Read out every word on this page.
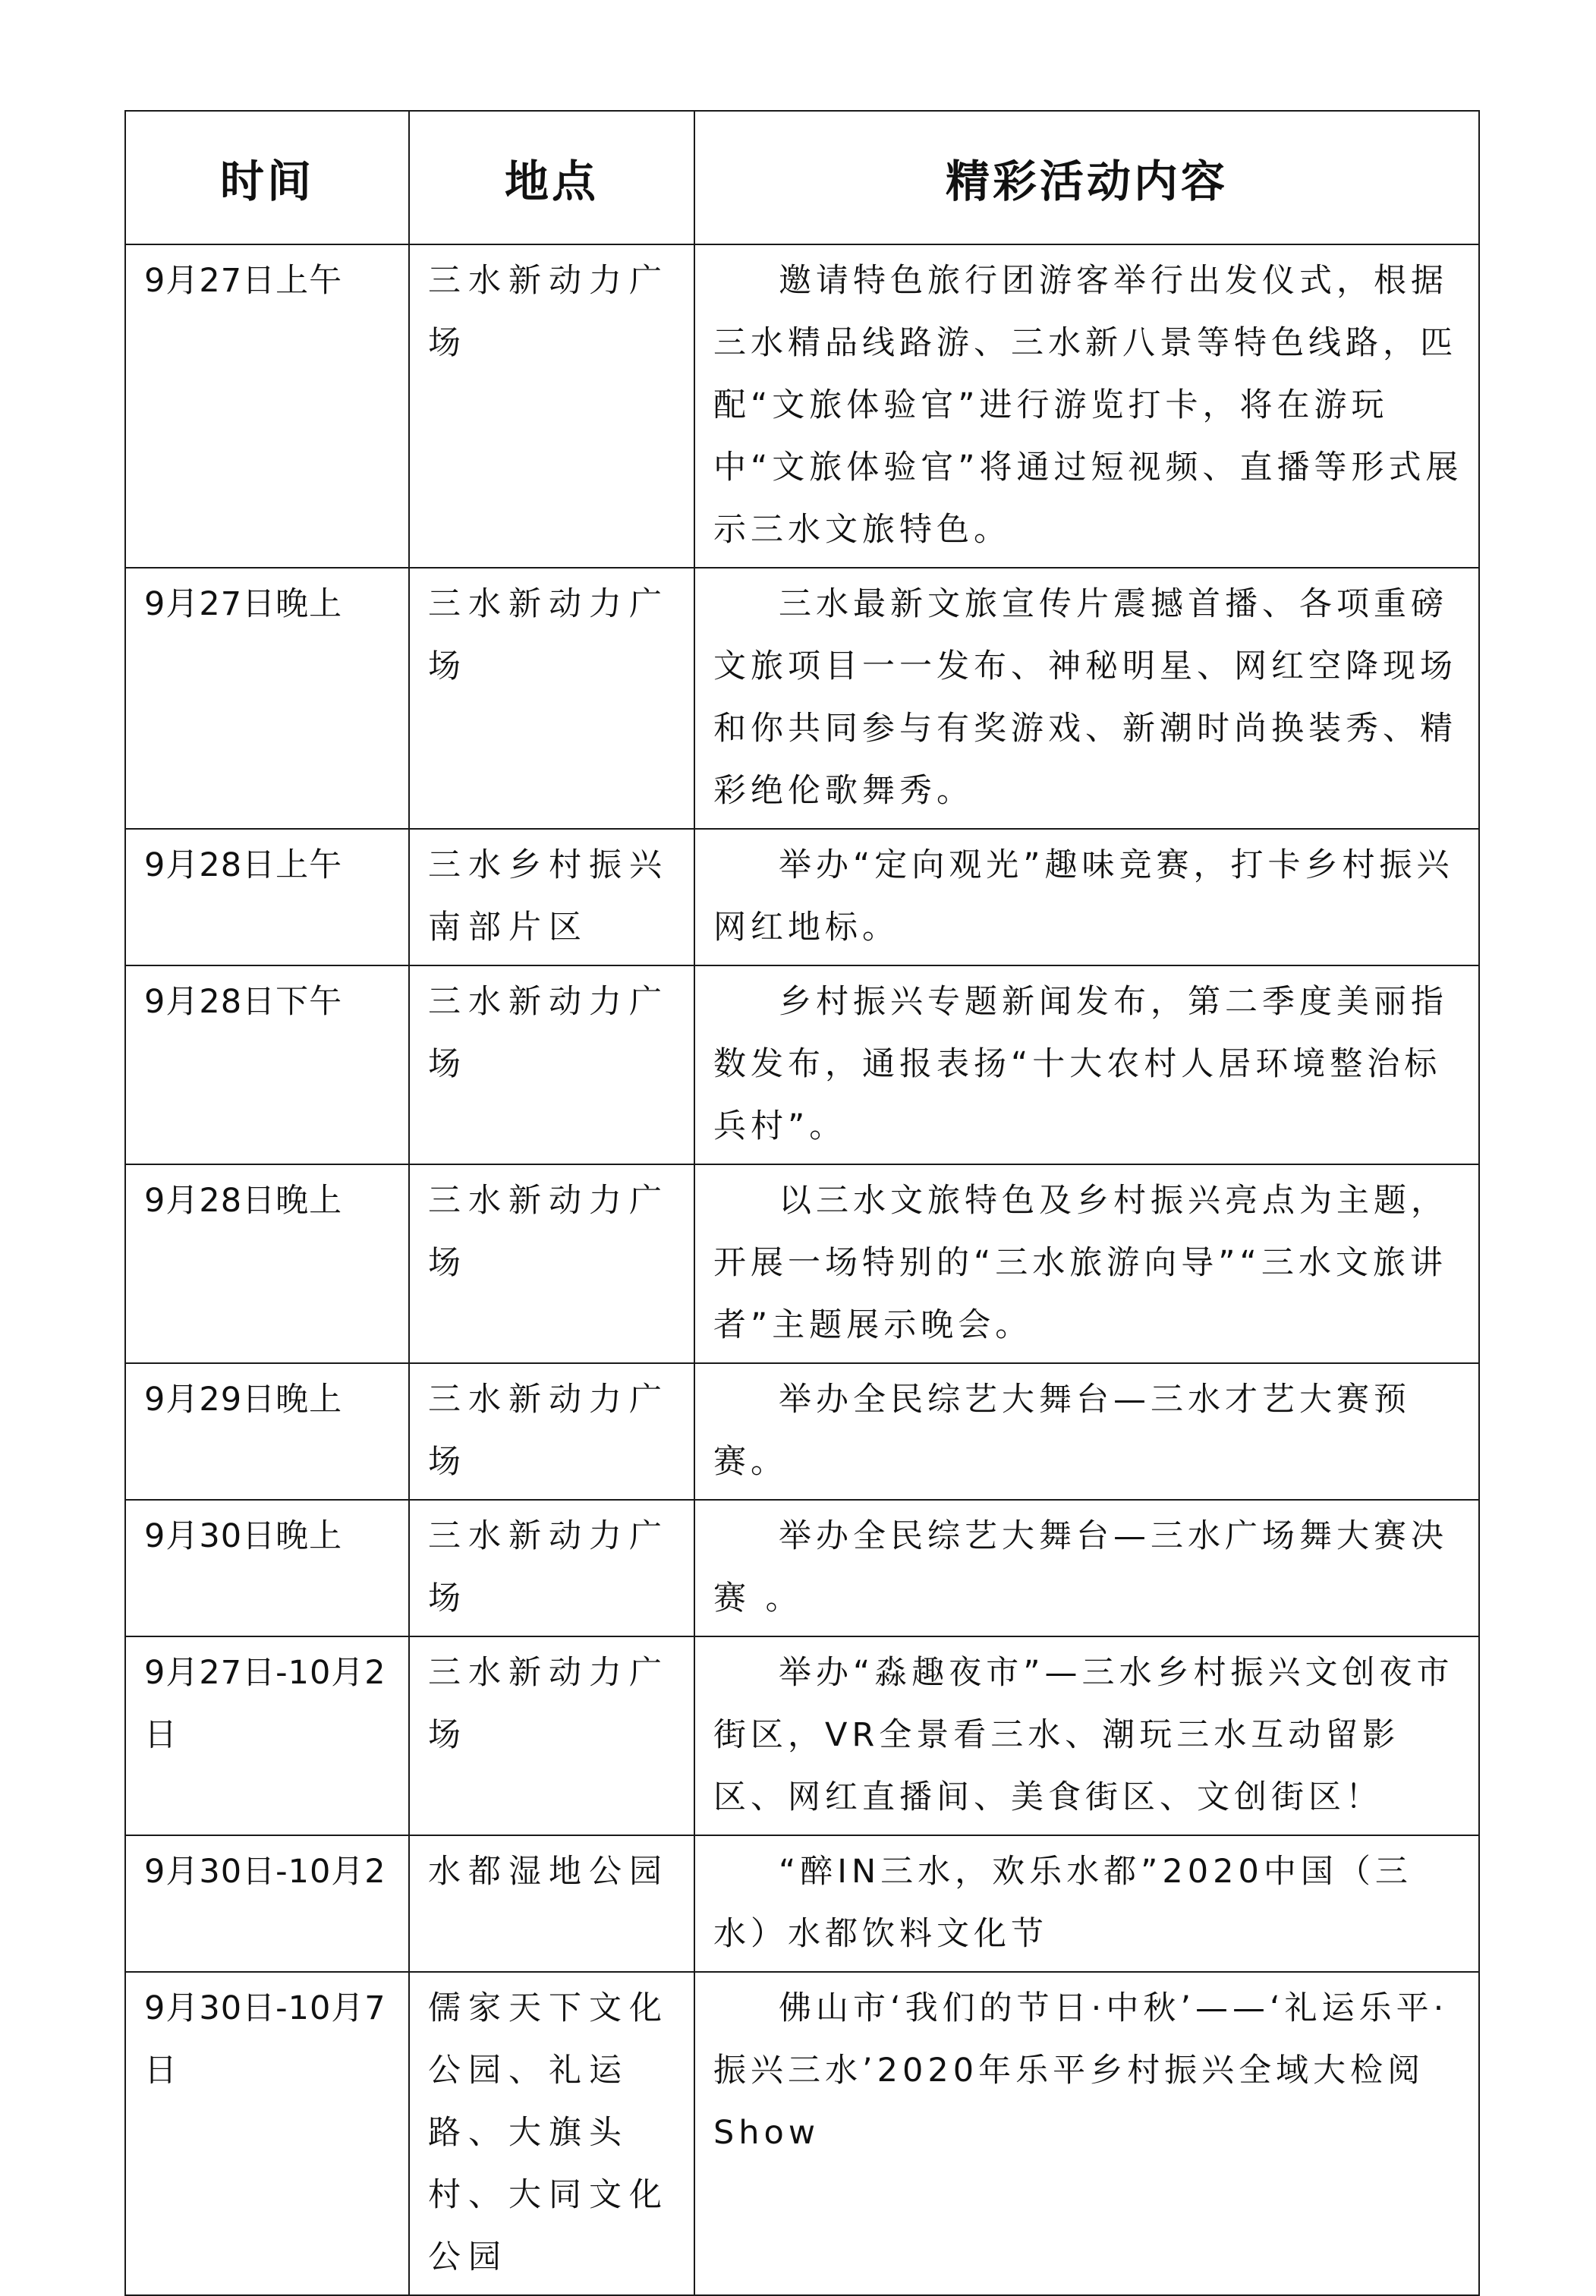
时间	地点	精彩活动内容
9月27日上午	三水新动力广场	邀请特色旅行团游客举行出发仪式，根据三水精品线路游、三水新八景等特色线路，匹配“文旅体验官”进行游览打卡，将在游玩中“文旅体验官”将通过短视频、直播等形式展示三水文旅特色。
9月27日晚上	三水新动力广场	三水最新文旅宣传片震撼首播、各项重磅文旅项目一一发布、神秘明星、网红空降现场和你共同参与有奖游戏、新潮时尚换装秀、精彩绝伦歌舞秀。
9月28日上午	三水乡村振兴南部片区	举办“定向观光”趣味竞赛，打卡乡村振兴网红地标。
9月28日下午	三水新动力广场	乡村振兴专题新闻发布，第二季度美丽指数发布，通报表扬“十大农村人居环境整治标兵村”。
9月28日晚上	三水新动力广场	以三水文旅特色及乡村振兴亮点为主题，开展一场特别的“三水旅游向导”“三水文旅讲者”主题展示晚会。
9月29日晚上	三水新动力广场	举办全民综艺大舞台—三水才艺大赛预赛。
9月30日晚上	三水新动力广场	举办全民综艺大舞台—三水广场舞大赛决赛 。
9月27日-10月2日	三水新动力广场	举办“淼趣夜市”—三水乡村振兴文创夜市街区，VR全景看三水、潮玩三水互动留影区、网红直播间、美食街区、文创街区！
9月30日-10月2	水都湿地公园	“醉IN三水，欢乐水都”2020中国（三水）水都饮料文化节
9月30日-10月7日	儒家天下文化公园、礼运路、大旗头村、大同文化公园	佛山市‘我们的节日·中秋’——‘礼运乐平·振兴三水’2020年乐平乡村振兴全域大检阅Show
